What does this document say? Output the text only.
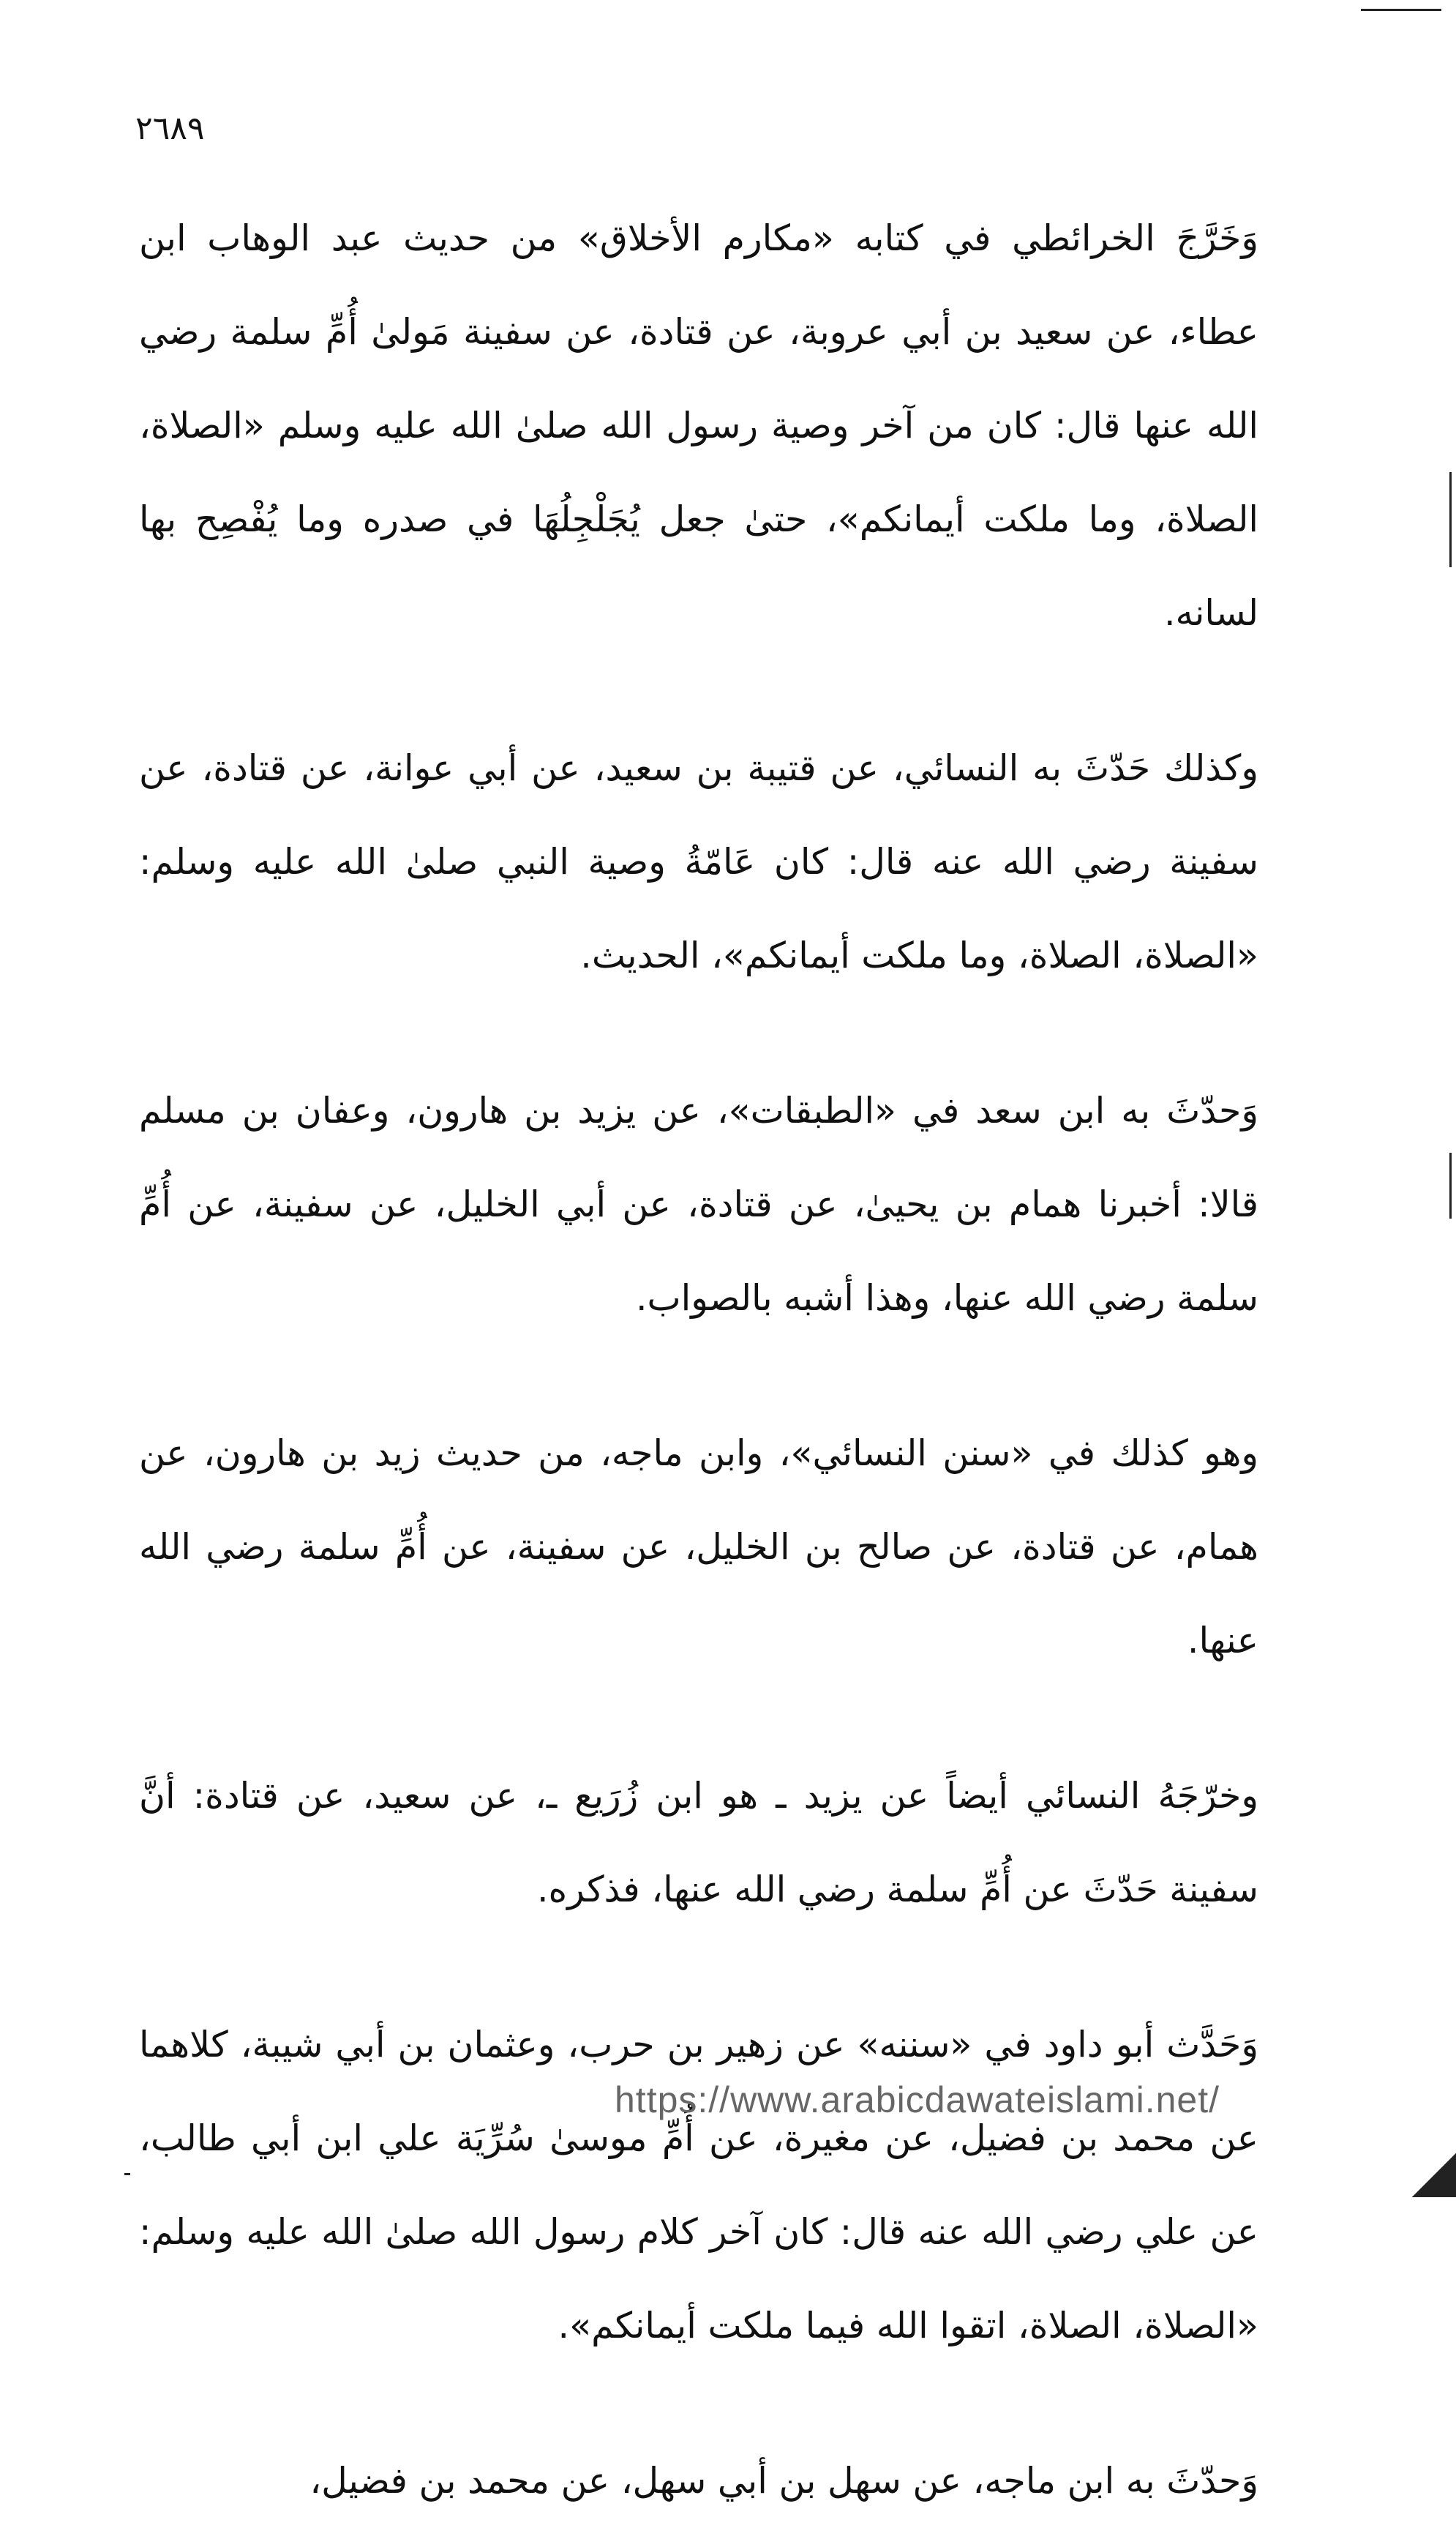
٢٦٨٩

وَخَرَّجَ الخرائطي في كتابه «مكارم الأخلاق» من حديث عبد الوهاب ابن عطاء، عن سعيد بن أبي عروبة، عن قتادة، عن سفينة مَولىٰ أُمِّ سلمة رضي الله عنها قال: كان من آخر وصية رسول الله صلىٰ الله عليه وسلم «الصلاة، الصلاة، وما ملكت أيمانكم»، حتىٰ جعل يُجَلْجِلُهَا في صدره وما يُفْصِح بها لسانه.

وكذلك حَدّثَ به النسائي، عن قتيبة بن سعيد، عن أبي عوانة، عن قتادة، عن سفينة رضي الله عنه قال: كان عَامّةُ وصية النبي صلىٰ الله عليه وسلم: «الصلاة، الصلاة، وما ملكت أيمانكم»، الحديث.

وَحدّثَ به ابن سعد في «الطبقات»، عن يزيد بن هارون، وعفان بن مسلم قالا: أخبرنا همام بن يحيىٰ، عن قتادة، عن أبي الخليل، عن سفينة، عن أُمِّ سلمة رضي الله عنها، وهذا أشبه بالصواب.

وهو كذلك في «سنن النسائي»، وابن ماجه، من حديث زيد بن هارون، عن همام، عن قتادة، عن صالح بن الخليل، عن سفينة، عن أُمِّ سلمة رضي الله عنها.

وخرّجَهُ النسائي أيضاً عن يزيد ـ هو ابن زُرَيع ـ، عن سعيد، عن قتادة: أنَّ سفينة حَدّثَ عن أُمِّ سلمة رضي الله عنها، فذكره.

وَحَدَّث أبو داود في «سننه» عن زهير بن حرب، وعثمان بن أبي شيبة، كلاهما عن محمد بن فضيل، عن مغيرة، عن أُمِّ موسىٰ سُرِّيَة علي ابن أبي طالب، عن علي رضي الله عنه قال: كان آخر كلام رسول الله صلىٰ الله عليه وسلم: «الصلاة، الصلاة، اتقوا الله فيما ملكت أيمانكم».

وَحدّثَ به ابن ماجه، عن سهل بن أبي سهل، عن محمد بن فضيل،

https://www.arabicdawateislami.net/
